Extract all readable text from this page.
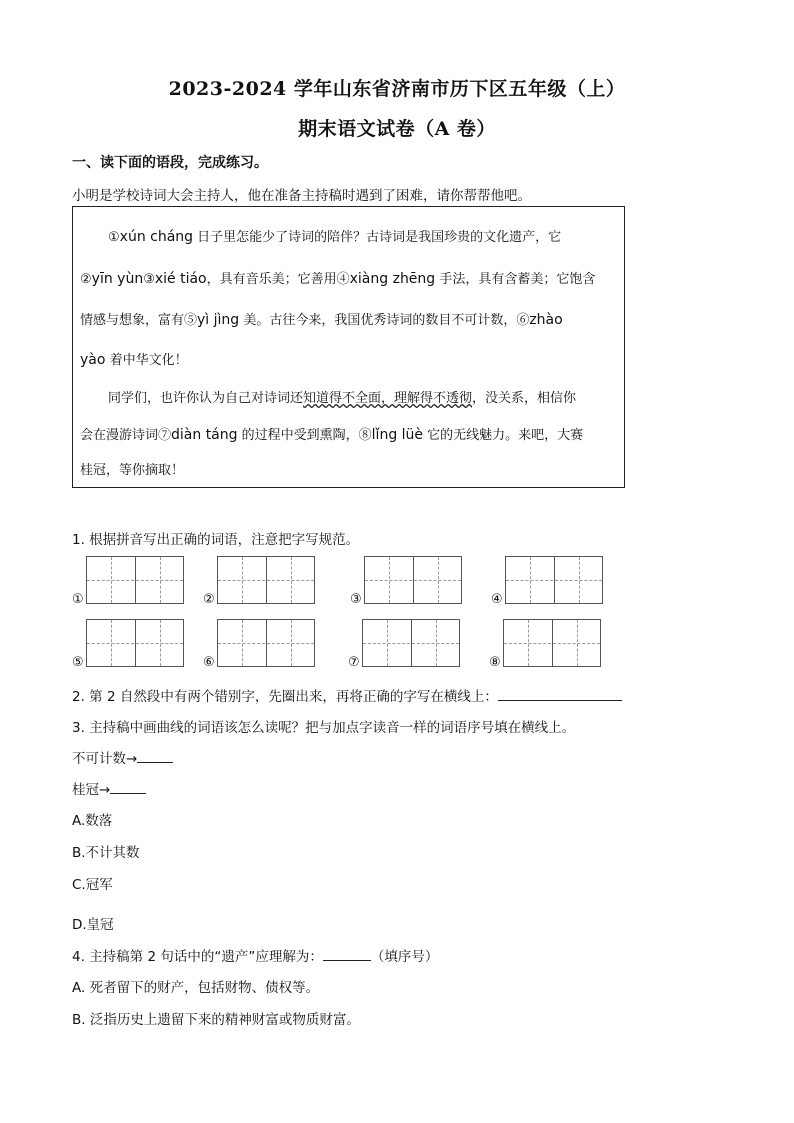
2023-2024 学年山东省济南市历下区五年级（上）
期末语文试卷（A 卷）
一、读下面的语段，完成练习。
小明是学校诗词大会主持人，他在准备主持稿时遇到了困难，请你帮帮他吧。
①xún cháng 日子里怎能少了诗词的陪伴？古诗词是我国珍贵的文化遗产，它
②yīn yùn③xié tiáo，具有音乐美；它善用④xiàng zhēng 手法，具有含蓄美；它饱含
情感与想象，富有⑤yì jìng 美。古往今来，我国优秀诗词的数目不可计数，⑥zhào
yào 着中华文化！
同学们，也许你认为自己对诗词还知道得不全面，理解得不透彻，没关系，相信你
会在漫游诗词⑦diàn táng 的过程中受到熏陶，⑧lǐng lüè 它的无线魅力。来吧，大赛
桂冠，等你摘取！
1. 根据拼音写出正确的词语，注意把字写规范。
①	②	③	④
⑤	⑥	⑦	⑧
2. 第 2 自然段中有两个错别字，先圈出来，再将正确的字写在横线上：
3. 主持稿中画曲线的词语该怎么读呢？把与加点字读音一样的词语序号填在横线上。
不可计数→
桂冠→
A.数落
B.不计其数
C.冠军
D.皇冠
4. 主持稿第 2 句话中的“遗产”应理解为：	（填序号）
A. 死者留下的财产，包括财物、债权等。
B. 泛指历史上遗留下来的精神财富或物质财富。
